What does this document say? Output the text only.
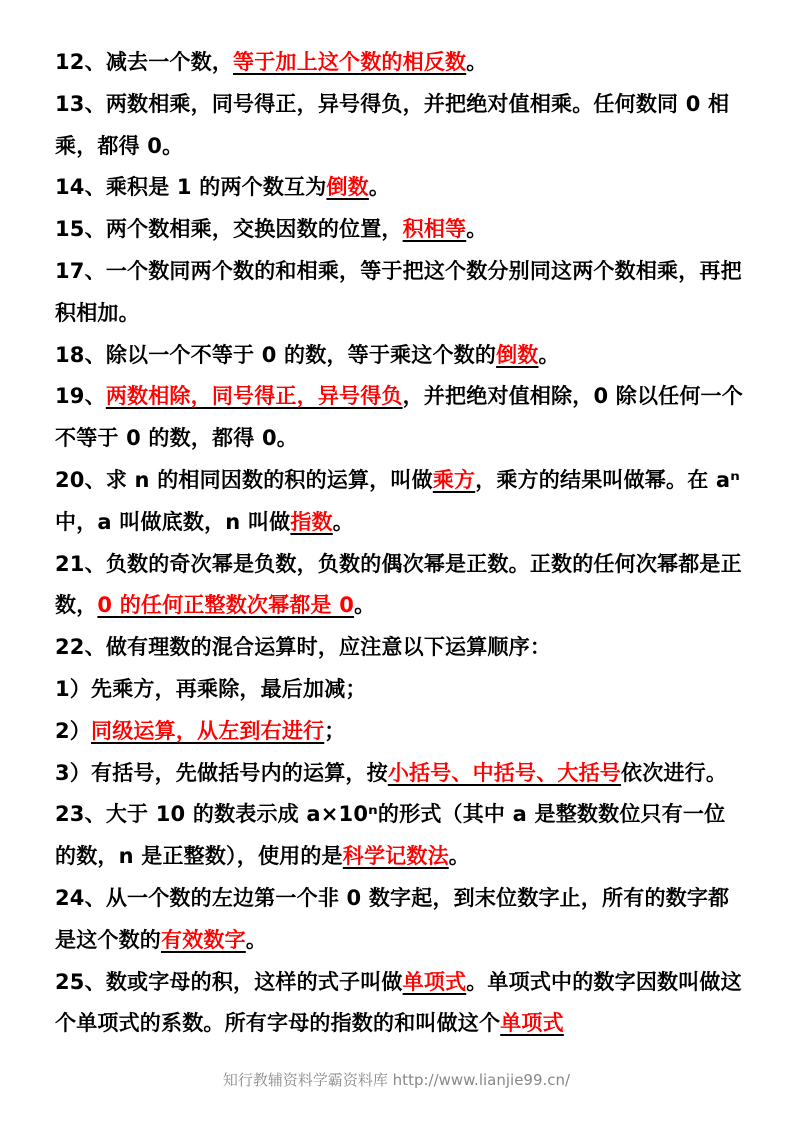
12、减去一个数，等于加上这个数的相反数。

13、两数相乘，同号得正，异号得负，并把绝对值相乘。任何数同 0 相乘，都得 0。

14、乘积是 1 的两个数互为倒数。

15、两个数相乘，交换因数的位置，积相等。

17、一个数同两个数的和相乘，等于把这个数分别同这两个数相乘，再把积相加。

18、除以一个不等于 0 的数，等于乘这个数的倒数。

19、两数相除，同号得正，异号得负，并把绝对值相除，0 除以任何一个不等于 0 的数，都得 0。

20、求 n 的相同因数的积的运算，叫做乘方，乘方的结果叫做幂。在 aⁿ中，a 叫做底数，n 叫做指数。

21、负数的奇次幂是负数，负数的偶次幂是正数。正数的任何次幂都是正数，0 的任何正整数次幂都是 0。

22、做有理数的混合运算时，应注意以下运算顺序：

1）先乘方，再乘除，最后加减；

2）同级运算，从左到右进行；

3）有括号，先做括号内的运算，按小括号、中括号、大括号依次进行。

23、大于 10 的数表示成 a×10ⁿ的形式（其中 a 是整数数位只有一位的数，n 是正整数），使用的是科学记数法。

24、从一个数的左边第一个非 0 数字起，到末位数字止，所有的数字都是这个数的有效数字。

25、数或字母的积，这样的式子叫做单项式。单项式中的数字因数叫做这个单项式的系数。所有字母的指数的和叫做这个单项式

知行教辅资料学霸资料库 http://www.lianjie99.cn/
